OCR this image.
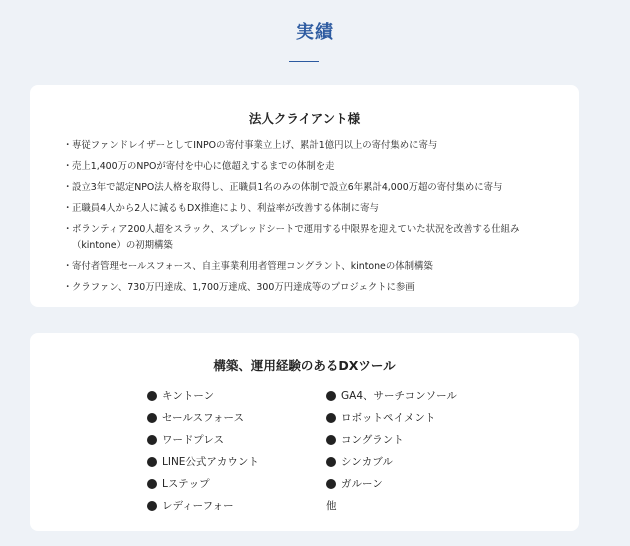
実績
法人クライアント様
・ 専従ファンドレイザーとしてINPOの寄付事業立上げ、累計1億円以上の寄付集めに寄与
・ 売上1,400万のNPOが寄付を中心に億超えするまでの体制を走
・ 設立3年で認定NPO法人格を取得し、正職員1名のみの体制で設立6年累計4,000万超の寄付集めに寄与
・ 正職員4人から2人に減るもDX推進により、利益率が改善する体制に寄与
・ ボランティア200人超をスラック、スプレッドシートで運用する中限界を迎えていた状況を改善する仕組み（kintone）の初期構築
・ 寄付者管理セールスフォース、自主事業利用者管理コングラント、kintoneの体制構築
・ クラファン、730万円達成、1,700万達成、300万円達成等のプロジェクトに参画
構築、運用経験のあるDXツール
キントーン
セールスフォース
ワードプレス
LINE公式アカウント
Lステップ
レディーフォー
GA4、サーチコンソール
ロボットペイメント
コングラント
シンカブル
ガルーン
他
